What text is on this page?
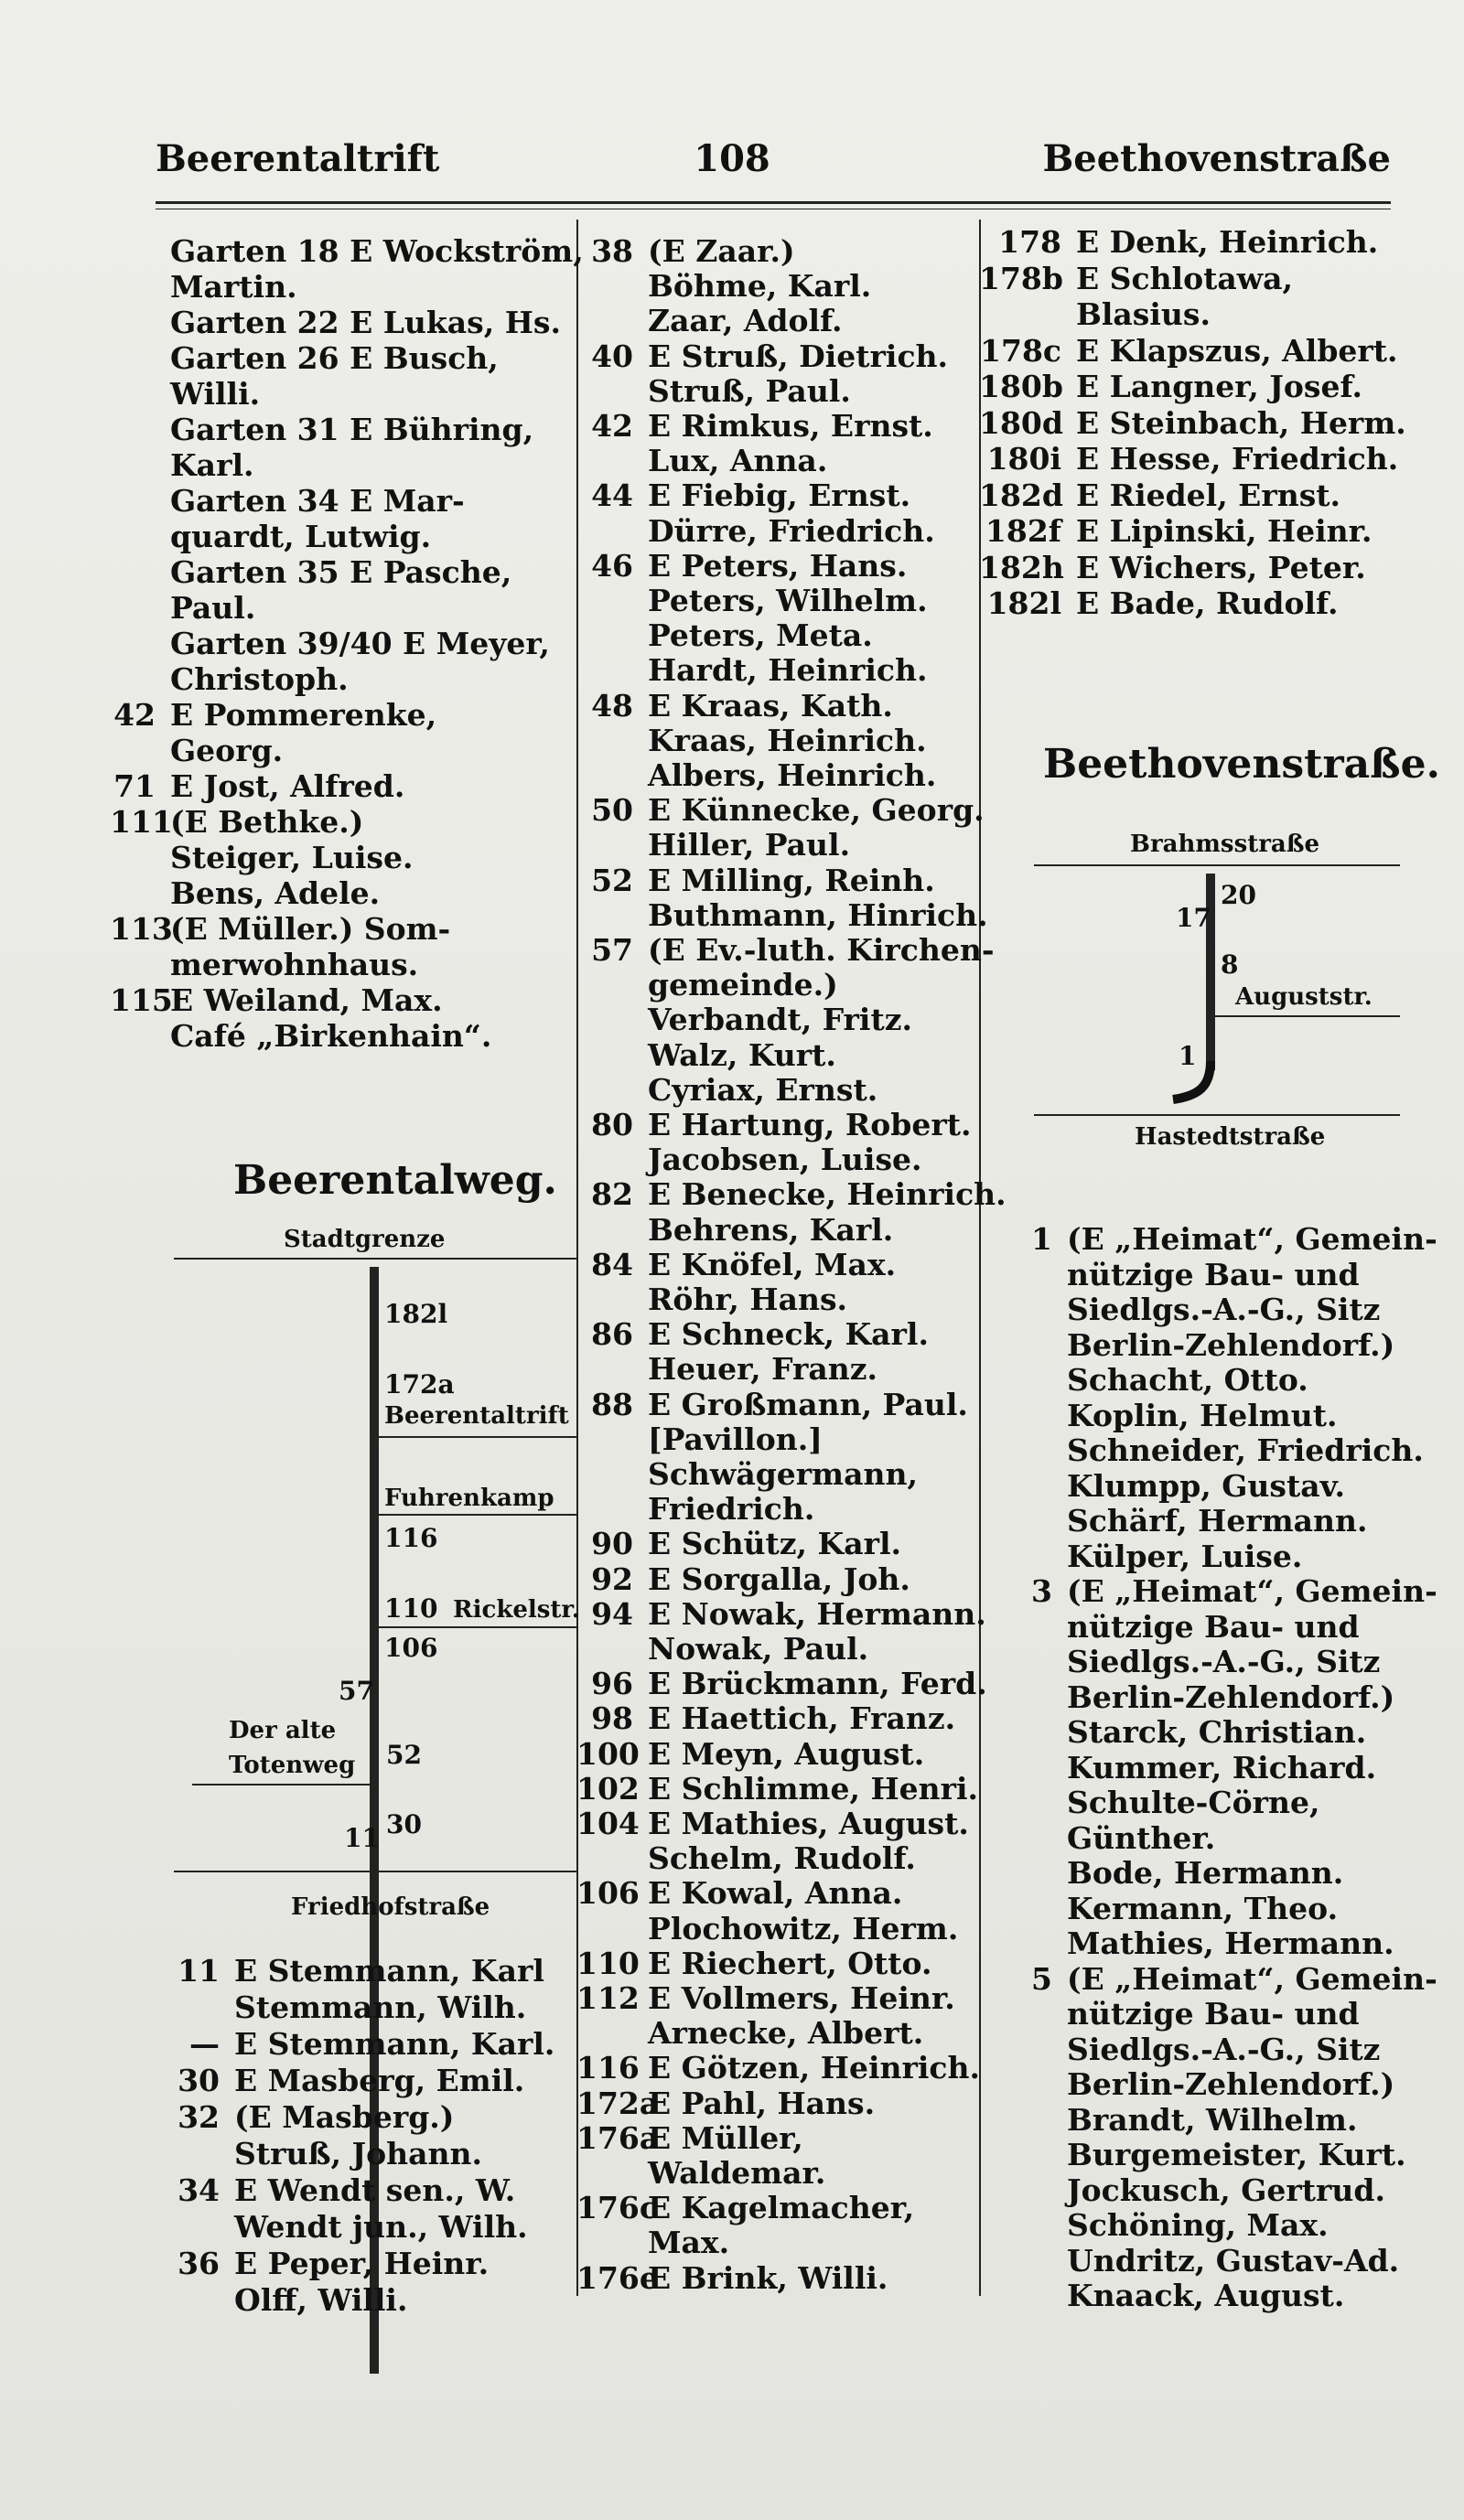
Beerentaltrift	108	Beethovenstraße
Garten 18 E Wockström,
Martin.
Garten 22 E Lukas, Hs.
Garten 26 E Busch,
Willi.
Garten 31 E Bühring,
Karl.
Garten 34 E Mar-
quardt, Lutwig.
Garten 35 E Pasche,
Paul.
Garten 39/40 E Meyer,
Christoph.
42 E Pommerenke,
Georg.
71 E Jost, Alfred.
111(E Bethke.)
Steiger, Luise.
Bens, Adele.
113(E Müller.) Som-
merwohnhaus.
115E Weiland, Max.
Café „Birkenhain“.
Beerentalweg.
Stadtgrenze
182l
172a
Beerentaltrift
Fuhrenkamp
116
110 Rickelstr.
106
57
Der alte
Totenweg 52
11 30
Friedhofstraße
11 E Stemmann, Karl
Stemmann, Wilh.
— E Stemmann, Karl.
30 E Masberg, Emil.
32 (E Masberg.)
Struß, Johann.
34 E Wendt sen., W.
Wendt jun., Wilh.
36 E Peper, Heinr.
Olff, Willi.
38 (E Zaar.)
Böhme, Karl.
Zaar, Adolf.
40 E Struß, Dietrich.
Struß, Paul.
42 E Rimkus, Ernst.
Lux, Anna.
44 E Fiebig, Ernst.
Dürre, Friedrich.
46 E Peters, Hans.
Peters, Wilhelm.
Peters, Meta.
Hardt, Heinrich.
48 E Kraas, Kath.
Kraas, Heinrich.
Albers, Heinrich.
50 E Künnecke, Georg.
Hiller, Paul.
52 E Milling, Reinh.
Buthmann, Hinrich.
57 (E Ev.-luth. Kirchen-
gemeinde.)
Verbandt, Fritz.
Walz, Kurt.
Cyriax, Ernst.
80 E Hartung, Robert.
Jacobsen, Luise.
82 E Benecke, Heinrich.
Behrens, Karl.
84 E Knöfel, Max.
Röhr, Hans.
86 E Schneck, Karl.
Heuer, Franz.
88 E Großmann, Paul.
[Pavillon.]
Schwägermann,
Friedrich.
90 E Schütz, Karl.
92 E Sorgalla, Joh.
94 E Nowak, Hermann.
Nowak, Paul.
96 E Brückmann, Ferd.
98 E Haettich, Franz.
100 E Meyn, August.
102 E Schlimme, Henri.
104 E Mathies, August.
Schelm, Rudolf.
106 E Kowal, Anna.
Plochowitz, Herm.
110 E Riechert, Otto.
112 E Vollmers, Heinr.
Arnecke, Albert.
116 E Götzen, Heinrich.
172aE Pahl, Hans.
176aE Müller,
Waldemar.
176cE Kagelmacher,
Max.
176eE Brink, Willi.
178 E Denk, Heinrich.
178b E Schlotawa,
Blasius.
178c E Klapszus, Albert.
180b E Langner, Josef.
180d E Steinbach, Herm.
180i E Hesse, Friedrich.
182d E Riedel, Ernst.
182f E Lipinski, Heinr.
182h E Wichers, Peter.
182l E Bade, Rudolf.
Beethovenstraße.
Brahmsstraße
20
17
8
Auguststr.
1
Hastedtstraße
1 (E „Heimat“, Gemein-
nützige Bau- und
Siedlgs.-A.-G., Sitz
Berlin-Zehlendorf.)
Schacht, Otto.
Koplin, Helmut.
Schneider, Friedrich.
Klumpp, Gustav.
Schärf, Hermann.
Külper, Luise.
3 (E „Heimat“, Gemein-
nützige Bau- und
Siedlgs.-A.-G., Sitz
Berlin-Zehlendorf.)
Starck, Christian.
Kummer, Richard.
Schulte-Cörne,
Günther.
Bode, Hermann.
Kermann, Theo.
Mathies, Hermann.
5 (E „Heimat“, Gemein-
nützige Bau- und
Siedlgs.-A.-G., Sitz
Berlin-Zehlendorf.)
Brandt, Wilhelm.
Burgemeister, Kurt.
Jockusch, Gertrud.
Schöning, Max.
Undritz, Gustav-Ad.
Knaack, August.
